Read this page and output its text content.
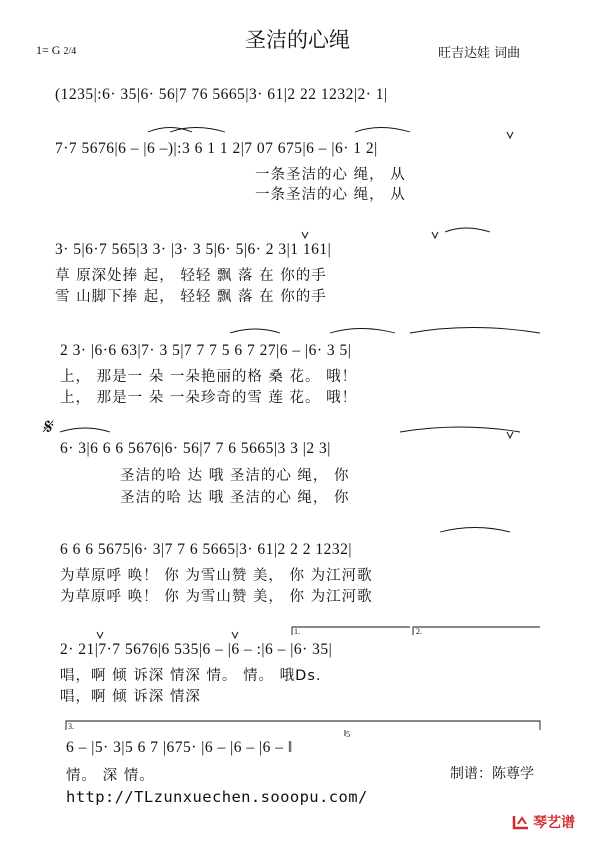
圣洁的心绳
1= G 2/4	旺吉达娃 词曲
(1235|:6· 35|6· 56|7 76 5665|3· 61|2 22 1232|2· 1|
7·7 5676|6 – |6 –)|:3 6 1 1 2|7 07 675|6 – |6· 1 2|
一条圣洁的心 绳， 从
一条圣洁的心 绳， 从
3· 5|6·7 565|3 3· |3· 3 5|6· 5|6· 2 3|1 161|
草 原深处捧 起， 轻轻 飘 落 在 你的手
雪 山脚下捧 起， 轻轻 飘 落 在 你的手
2 3· |6·6 63|7· 3 5|7 7 7 5 6 7 27|6 – |6· 3 5|
上， 那是一 朵 一朵艳丽的格 桑 花。 哦！
上， 那是一 朵 一朵珍奇的雪 莲 花。 哦！
𝄋
6· 3|6 6 6 5676|6· 56|7 7 6 5665|3 3 |2 3|
圣洁的哈 达 哦 圣洁的心 绳， 你
圣洁的哈 达 哦 圣洁的心 绳， 你
6 6 6 5675|6· 3|7 7 6 5665|3· 61|2 2 2 1232|
为草原呼 唤！ 你 为雪山赞 美， 你 为江河歌
为草原呼 唤！ 你 为雪山赞 美， 你 为江河歌
2· 21|7·7 5676|6 535|6 – |6 – :|6 – |6· 35|
唱，啊 倾 诉深 情深 情。 情。 哦Ds.
唱，啊 倾 诉深 情深
6 – |5· 3|5 6 7 |675· |6 – |6 – |6 – ‖
情。 深 情。	制谱：陈尊学
http://TLzunxuechen.sooopu.com/
琴艺谱
1.	2.
3.
5
